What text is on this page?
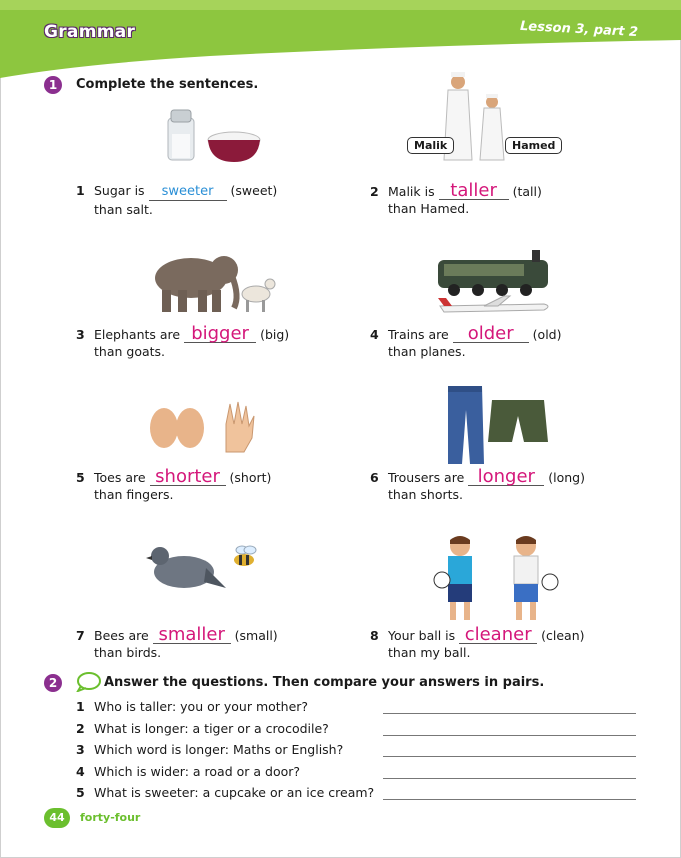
Grammar	Lesson 3, part 2
1	Complete the sentences.
Malik	Hamed
1 Sugar is sweeter (sweet)
than salt.
2 Malik is taller (tall)
than Hamed.
3 Elephants are bigger (big)
than goats.
4 Trains are older (old)
than planes.
5 Toes are shorter (short)
than fingers.
6 Trousers are longer (long)
than shorts.
7 Bees are smaller (small)
than birds.
8 Your ball is cleaner (clean)
than my ball.
2	Answer the questions. Then compare your answers in pairs.
1 Who is taller: you or your mother?
2 What is longer: a tiger or a crocodile?
3 Which word is longer: Maths or English?
4 Which is wider: a road or a door?
5 What is sweeter: a cupcake or an ice cream?
44	forty-four
